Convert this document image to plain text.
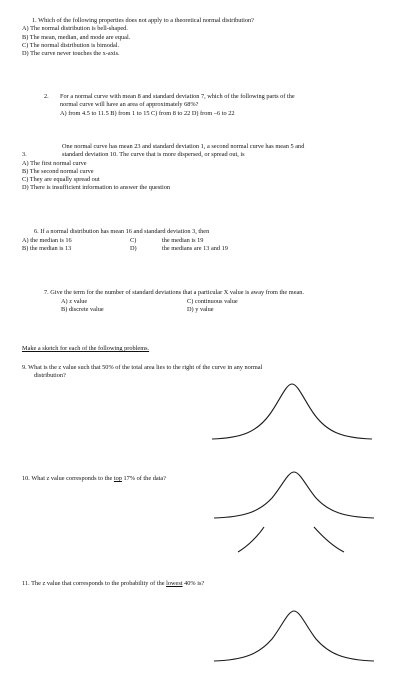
1. Which of the following properties does not apply to a theoretical normal distribution?
A) The normal distribution is bell-shaped.
B) The mean, median, and mode are equal.
C) The normal distribution is bimodal.
D) The curve never touches the x-axis.
2. For a normal curve with mean 8 and standard deviation 7, which of the following parts of the
normal curve will have an area of approximately 68%?
A) from 4.5 to 11.5 B) from 1 to 15 C) from 8 to 22 D) from –6 to 22
One normal curve has mean 23 and standard deviation 1, a second normal curve has mean 5 and
3.	standard deviation 10. The curve that is more dispersed, or spread out, is
A) The first normal curve
B) The second normal curve
C) They are equally spread out
D) There is insufficient information to answer the question
6. If a normal distribution has mean 16 and standard deviation 3, then
A) the median is 16
B) the median is 13
C)	the median is 19
D)	the medians are 13 and 19
7. Give the term for the number of standard deviations that a particular X value is away from the mean.
A) z value
B) discrete value
C) continuous value
D) y value
Make a sketch for each of the following problems.
9. What is the z value such that 50% of the total area lies to the right of the curve in any normal
distribution?
10. What z value corresponds to the top 17% of the data?
11. The z value that corresponds to the probability of the lowest 40% is?
